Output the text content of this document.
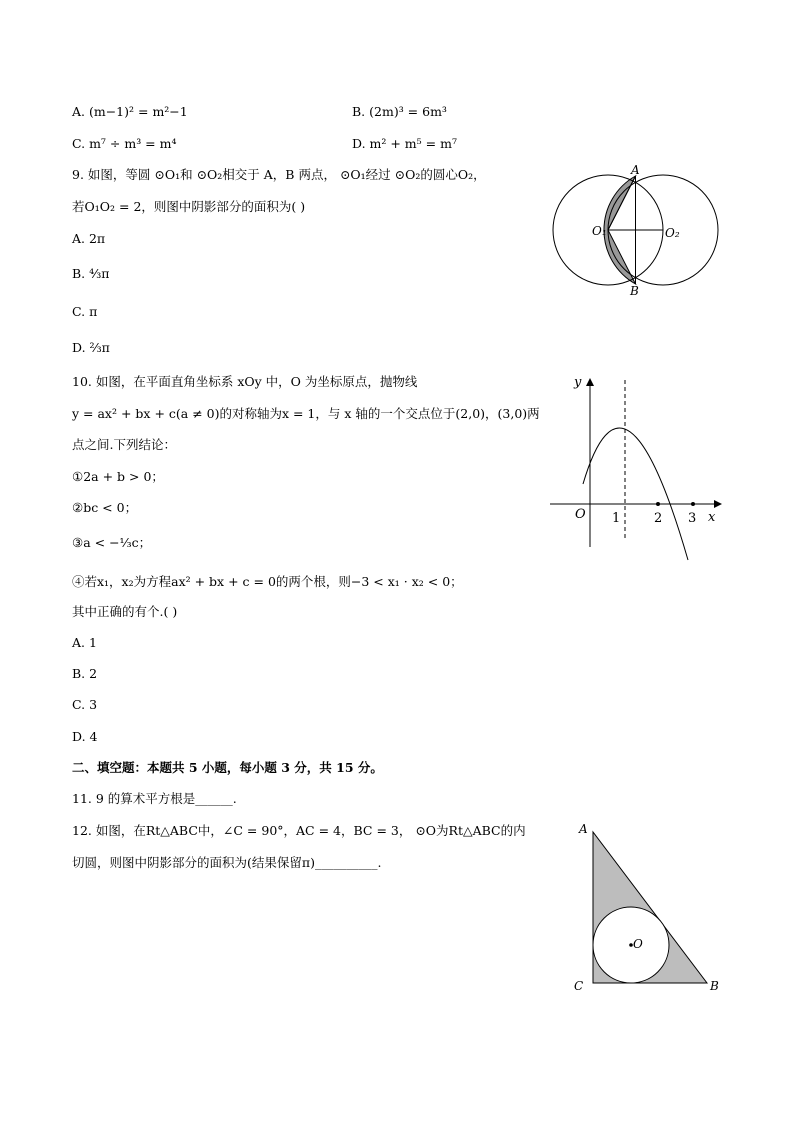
A. (m−1)² = m²−1	B. (2m)³ = 6m³
C. m⁷ ÷ m³ = m⁴	D. m² + m⁵ = m⁷
9. 如图，等圆 ⊙O₁和 ⊙O₂相交于 A，B 两点， ⊙O₁经过 ⊙O₂的圆心O₂，
若O₁O₂ = 2，则图中阴影部分的面积为( )
A. 2π
B. ⁴⁄₃π
C. π
D. ²⁄₃π
A
B
O₁	O₂
10. 如图，在平面直角坐标系 xOy 中，O 为坐标原点，抛物线
y = ax² + bx + c(a ≠ 0)的对称轴为x = 1，与 x 轴的一个交点位于(2,0)，(3,0)两
点之间.下列结论：
①2a + b > 0；
②bc < 0；
③a < −⅓c；
④若x₁，x₂为方程ax² + bx + c = 0的两个根，则−3 < x₁ · x₂ < 0；
其中正确的有个.( )
A. 1
B. 2
C. 3
D. 4
y
x
O 1	2 3
二、填空题：本题共 5 小题，每小题 3 分，共 15 分。
11. 9 的算术平方根是______.
12. 如图，在Rt△ABC中，∠C = 90°，AC = 4，BC = 3， ⊙O为Rt△ABC的内
切圆，则图中阴影部分的面积为(结果保留π)__________.
A
C	B
O
